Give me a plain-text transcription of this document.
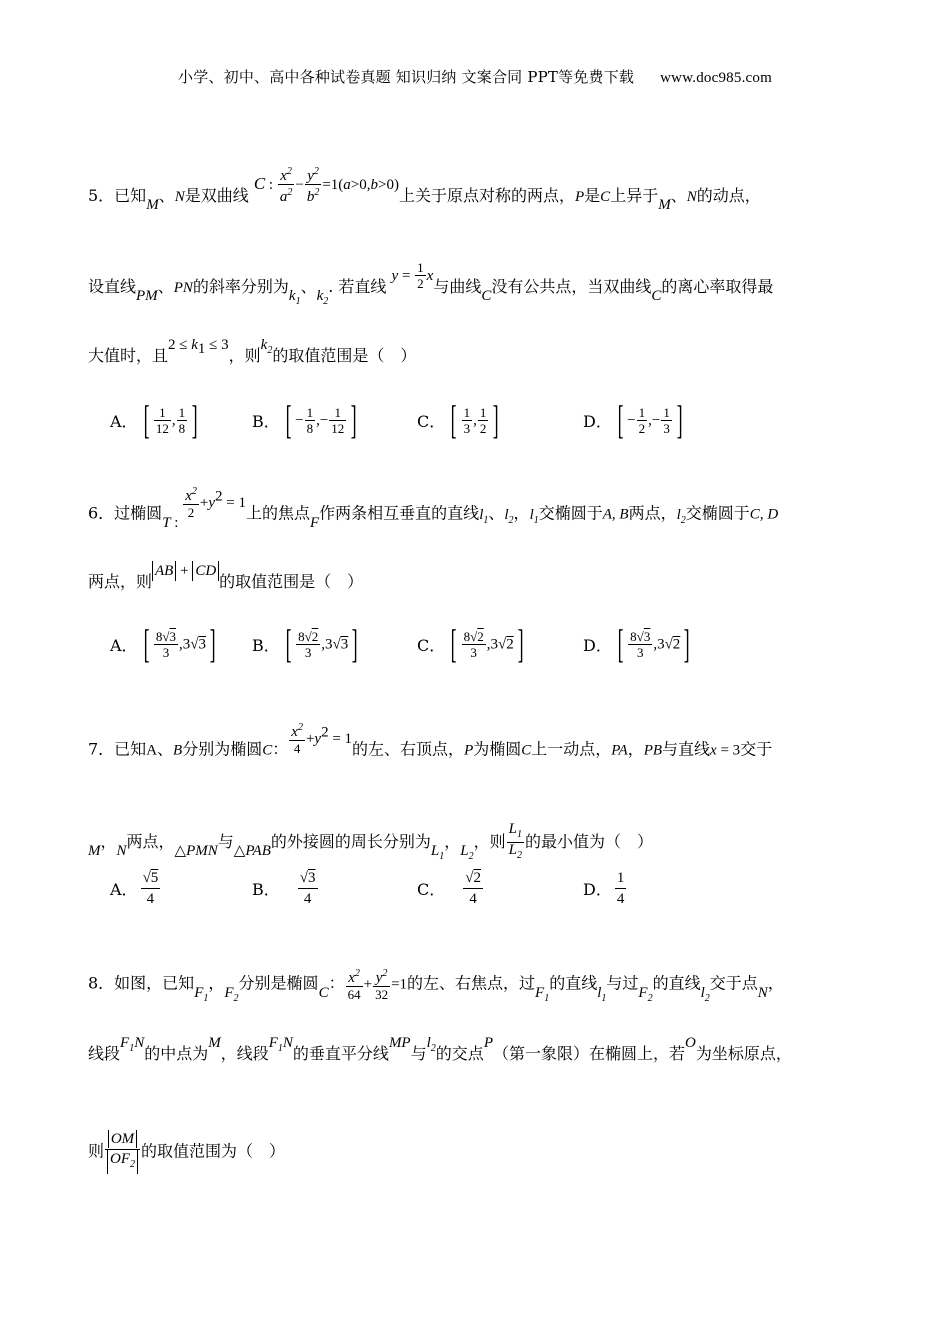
小学、初中、高中各种试卷真题 知识归纳 文案合同 PPT等免费下载 www.doc985.com
5．已知M、N是双曲线 C : $\frac{x^2}{a^2} - \frac{y^2}{b^2} =1(a>0,b>0)$上关于原点对称的两点，P是C上异于M、N的动点，
设直线PM、PN的斜率分别为$k_1$、$k_2$. 若直线 $y = \frac{1}{2}$ x与曲线C没有公共点，当双曲线C的离心率取得最
大值时，且$2 \le k_1 \le 3$，则$k_2$的取值范围是（　）
A． [ $\frac{1}{12}$ , $\frac{1}{8}$ ]	B． [ − $\frac{1}{8}$ ,− $\frac{1}{12}$ ]	C． [ $\frac{1}{3}$ , $\frac{1}{2}$ ]	D． [ − $\frac{1}{2}$ ,− $\frac{1}{3}$ ]
6．过椭圆T :
$\frac{x^2}{2} +y^2 = 1$上的焦点F作两条相互垂直的直线$l_1$、$l_2$，$l_1$交椭圆于A, B两点，$l_2$交椭圆于C, D
两点，则AB + CD的取值范围是（　）
A． [ $\frac{8√3}{3} ,3√3$] B． [ $\frac{8√2}{3} ,3√3$]	C． [ $\frac{8√2}{3} ,3√2$]	D． [ $\frac{8√3}{3} ,3√2$]
7．已知A、B分别为椭圆C： $\frac{x^2}{4} +y^2 = 1$的左、右顶点，P为椭圆C上一动点，PA，PB与直线x = 3交于
M，N两点，△PMN与△PAB的外接圆的周长分别为$L_1$，$L_2$，则 $\frac{L_1}{L_2}$ 的最小值为（　）
A． $\frac{√5}{4}$	B． $\frac{√3}{4}$	C． $\frac{√2}{4}$	D． $\frac{1}{4}$
8．如图，已知$F_1$，$F_2$分别是椭圆C： $\frac{x^2}{64} + \frac{y^2}{32} =1$的左、右焦点，过$F_1$的直线$l_1$与过$F_2$的直线$l_2$交于点N，
线段$F_1N$的中点为M，线段$F_1N$的垂直平分线MP与$l_2$的交点P（第一象限）在椭圆上，若O为坐标原点，
则 $\frac{OM}{OF_2}$ 的取值范围为（　）
